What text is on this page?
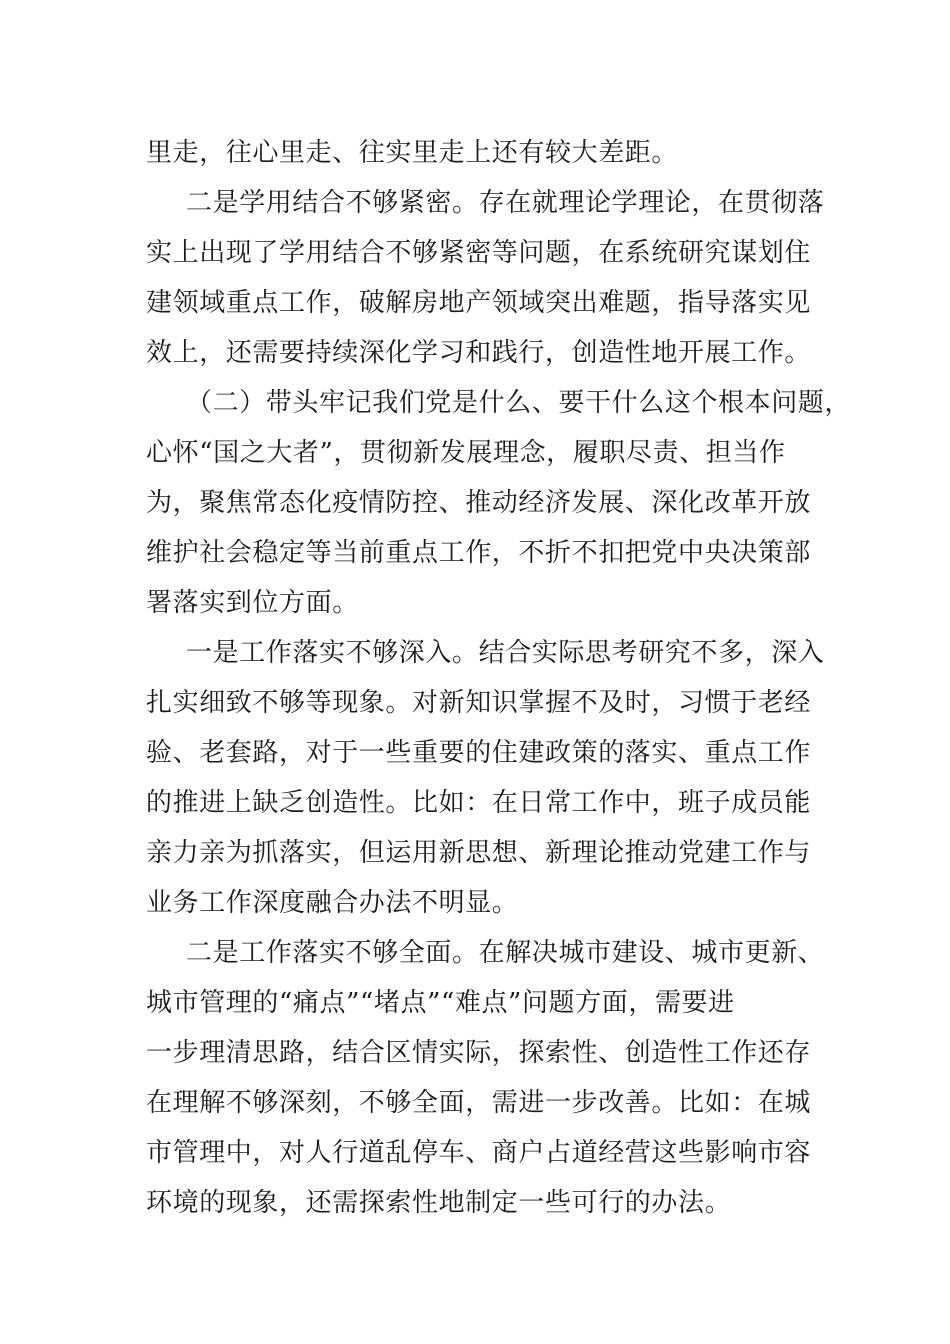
里走，往心里走、往实里走上还有较大差距。
二是学用结合不够紧密。存在就理论学理论，在贯彻落
实上出现了学用结合不够紧密等问题，在系统研究谋划住
建领域重点工作，破解房地产领域突出难题，指导落实见
效上，还需要持续深化学习和践行，创造性地开展工作。
（二）带头牢记我们党是什么、要干什么这个根本问题，
心怀“国之大者”，贯彻新发展理念，履职尽责、担当作
为，聚焦常态化疫情防控、推动经济发展、深化改革开放
维护社会稳定等当前重点工作，不折不扣把党中央决策部
署落实到位方面。
一是工作落实不够深入。结合实际思考研究不多，深入
扎实细致不够等现象。对新知识掌握不及时，习惯于老经
验、老套路，对于一些重要的住建政策的落实、重点工作
的推进上缺乏创造性。比如：在日常工作中，班子成员能
亲力亲为抓落实，但运用新思想、新理论推动党建工作与
业务工作深度融合办法不明显。
二是工作落实不够全面。在解决城市建设、城市更新、
城市管理的“痛点”“堵点”“难点”问题方面，需要进
一步理清思路，结合区情实际，探索性、创造性工作还存
在理解不够深刻，不够全面，需进一步改善。比如：在城
市管理中，对人行道乱停车、商户占道经营这些影响市容
环境的现象，还需探索性地制定一些可行的办法。
